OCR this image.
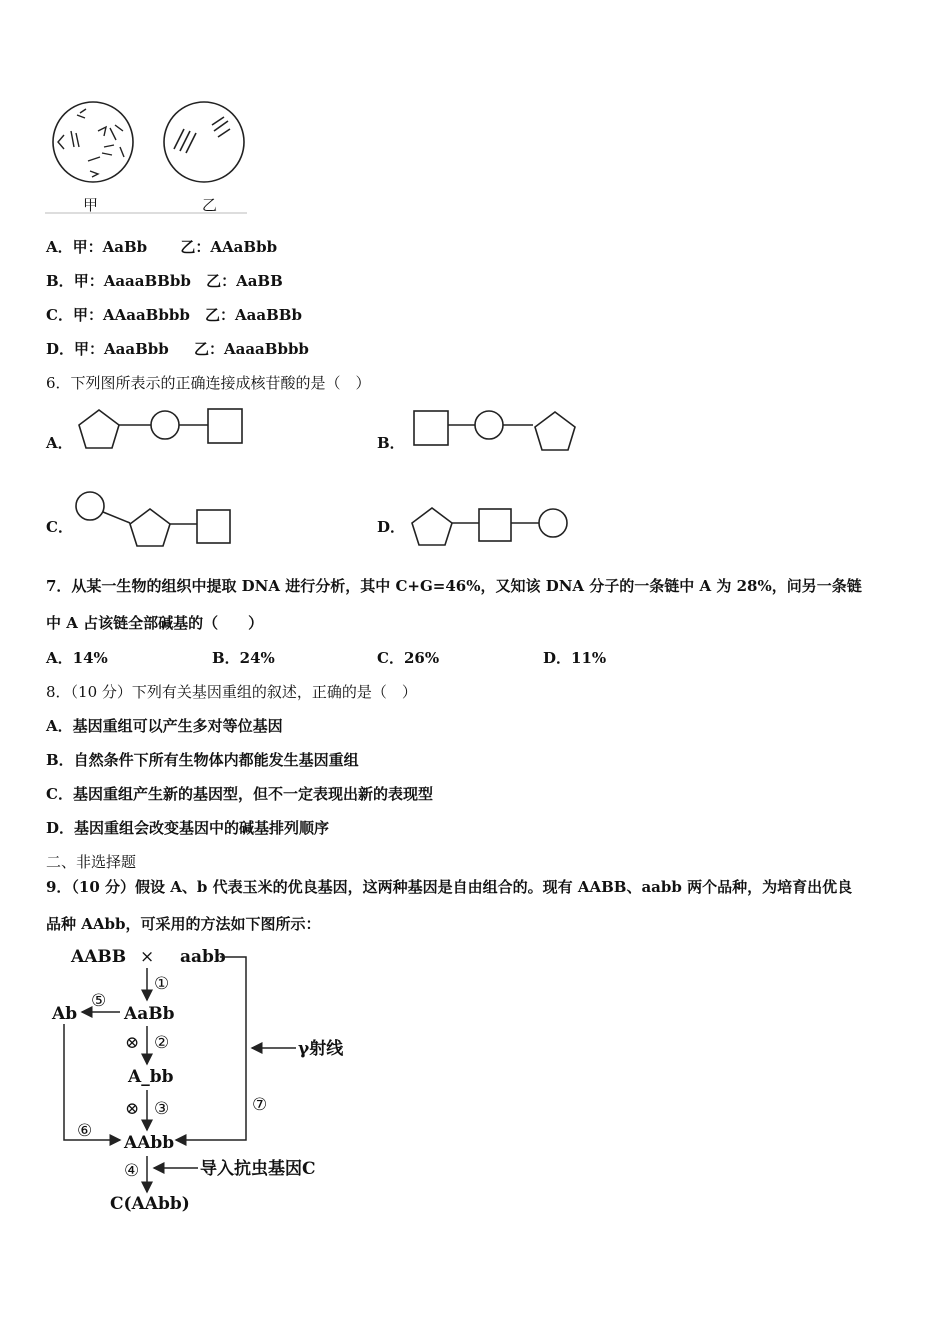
甲	乙
A．甲：AaBb 乙：AAaBbb
B．甲：AaaaBBbb 乙：AaBB
C．甲：AAaaBbbb 乙：AaaBBb
D．甲：AaaBbb 乙：AaaaBbbb
6．下列图所表示的正确连接成核苷酸的是（　）
A．	B．
C．	D．
7．从某一生物的组织中提取 DNA 进行分析，其中 C+G=46%，又知该 DNA 分子的一条链中 A 为 28%，问另一条链
中 A 占该链全部碱基的（　　）
A．14%	B．24%	C．26%	D．11%
8．（10 分）下列有关基因重组的叙述，正确的是（　）
A．基因重组可以产生多对等位基因
B．自然条件下所有生物体内都能发生基因重组
C．基因重组产生新的基因型，但不一定表现出新的表现型
D．基因重组会改变基因中的碱基排列顺序
二、非选择题
9．（10 分）假设 A、b 代表玉米的优良基因，这两种基因是自由组合的。现有 AABB、aabb 两个品种，为培育出优良
品种 AAbb，可采用的方法如下图所示：
AABB × aabb
Ab	AaBb
A_bb
AAbb
C(AAbb)
①
⑤
⊗ ②
⊗ ③	⑦
⑥
④
γ射线
导入抗虫基因C
